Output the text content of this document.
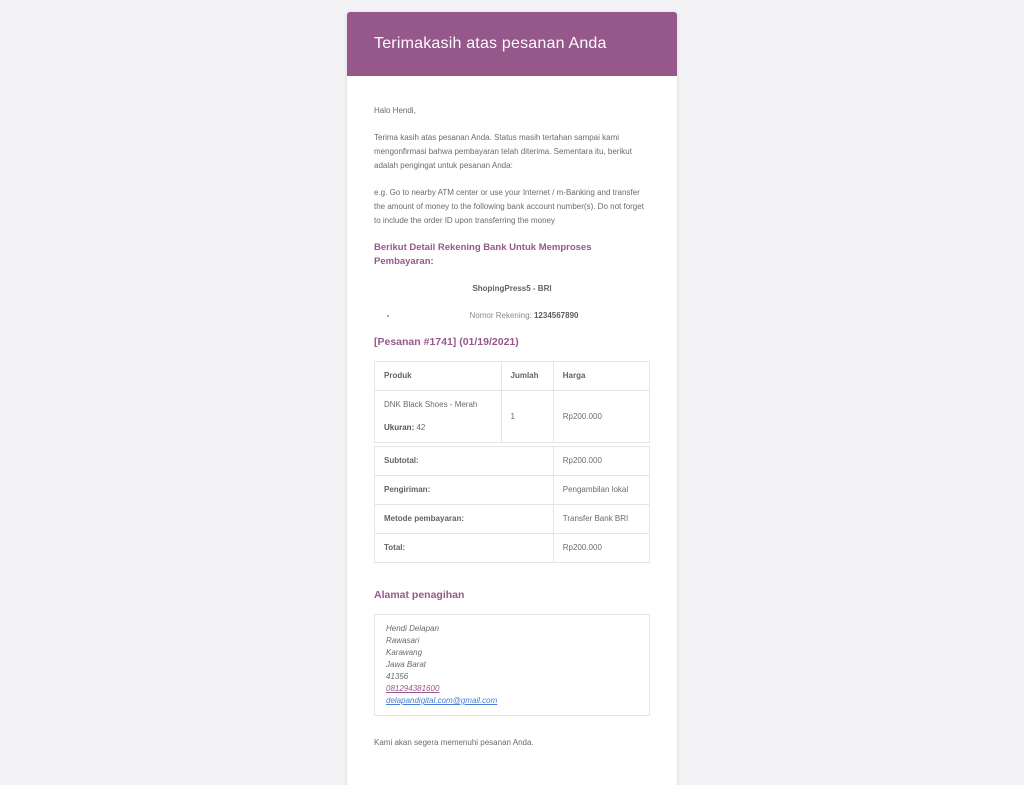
Terimakasih atas pesanan Anda

Halo Hendi,

Terima kasih atas pesanan Anda. Status masih tertahan sampai kami mengonfirmasi bahwa pembayaran telah diterima. Sementara itu, berikut adalah pengingat untuk pesanan Anda:

e.g. Go to nearby ATM center or use your Internet / m-Banking and transfer the amount of money to the following bank account number(s). Do not forget to include the order ID upon transferring the money

Berikut Detail Rekening Bank Untuk Memproses Pembayaran:

ShopingPress5 - BRI

• Nomor Rekening: 1234567890
[Pesanan #1741] (01/19/2021)
Produk	Jumlah	Harga

DNK Black Shoes - Merah
Ukuran: 42	1	Rp200.000
Subtotal:	Rp200.000
Pengiriman:	Pengambilan lokal
Metode pembayaran:	Transfer Bank BRI
Total:	Rp200.000
Alamat penagihan
Hendi Delapan
Rawasari
Karawang
Jawa Barat
41356
081294381600
delapandigital.com@gmail.com

Kami akan segera memenuhi pesanan Anda.
